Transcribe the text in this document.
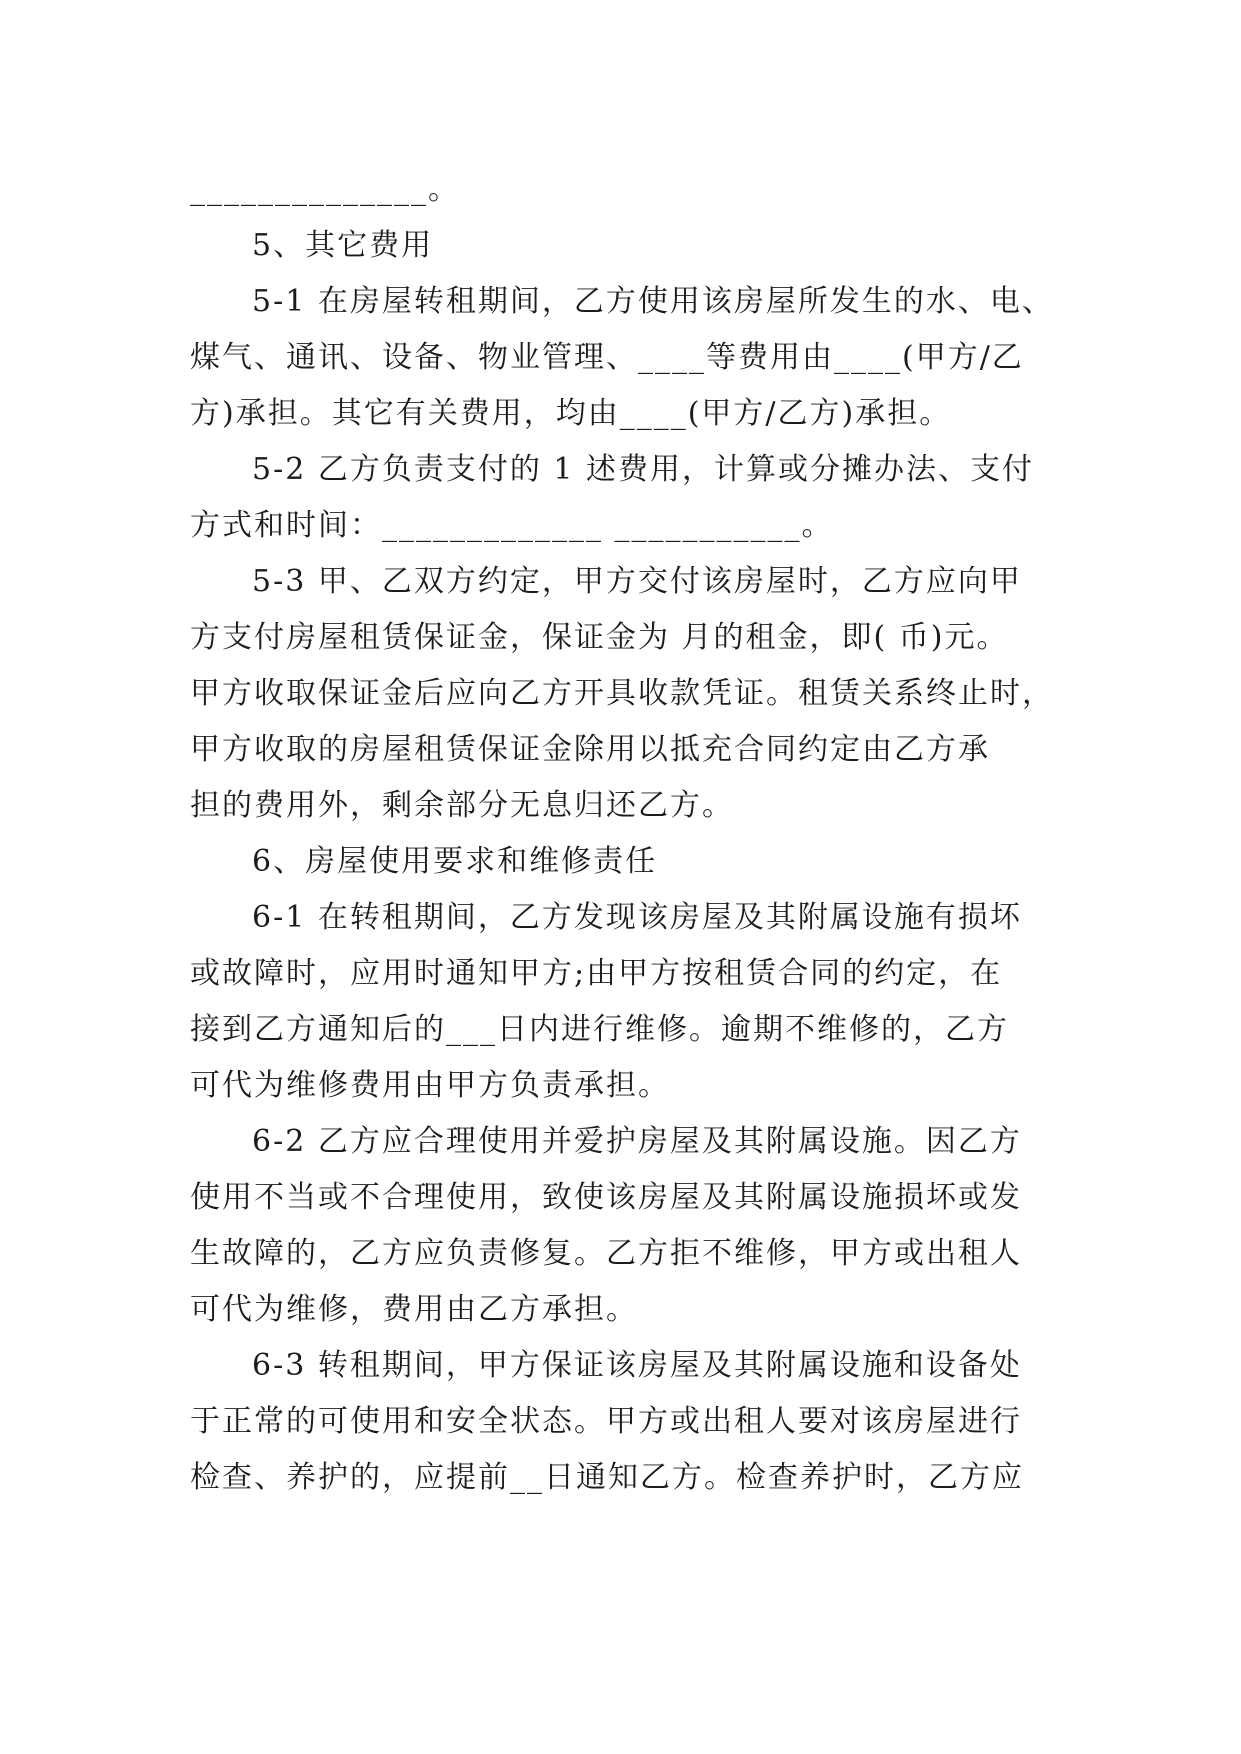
______________。
5、其它费用
5-1 在房屋转租期间，乙方使用该房屋所发生的水、电、
煤气、通讯、设备、物业管理、____等费用由____(甲方/乙
方)承担。其它有关费用，均由____(甲方/乙方)承担。
5-2 乙方负责支付的 1 述费用，计算或分摊办法、支付
方式和时间：_____________ ___________。
5-3 甲、乙双方约定，甲方交付该房屋时，乙方应向甲
方支付房屋租赁保证金，保证金为 月的租金，即( 币)元。
甲方收取保证金后应向乙方开具收款凭证。租赁关系终止时，
甲方收取的房屋租赁保证金除用以抵充合同约定由乙方承
担的费用外，剩余部分无息归还乙方。
6、房屋使用要求和维修责任
6-1 在转租期间，乙方发现该房屋及其附属设施有损坏
或故障时，应用时通知甲方;由甲方按租赁合同的约定，在
接到乙方通知后的___日内进行维修。逾期不维修的，乙方
可代为维修费用由甲方负责承担。
6-2 乙方应合理使用并爱护房屋及其附属设施。因乙方
使用不当或不合理使用，致使该房屋及其附属设施损坏或发
生故障的，乙方应负责修复。乙方拒不维修，甲方或出租人
可代为维修，费用由乙方承担。
6-3 转租期间，甲方保证该房屋及其附属设施和设备处
于正常的可使用和安全状态。甲方或出租人要对该房屋进行
检查、养护的，应提前__日通知乙方。检查养护时，乙方应
